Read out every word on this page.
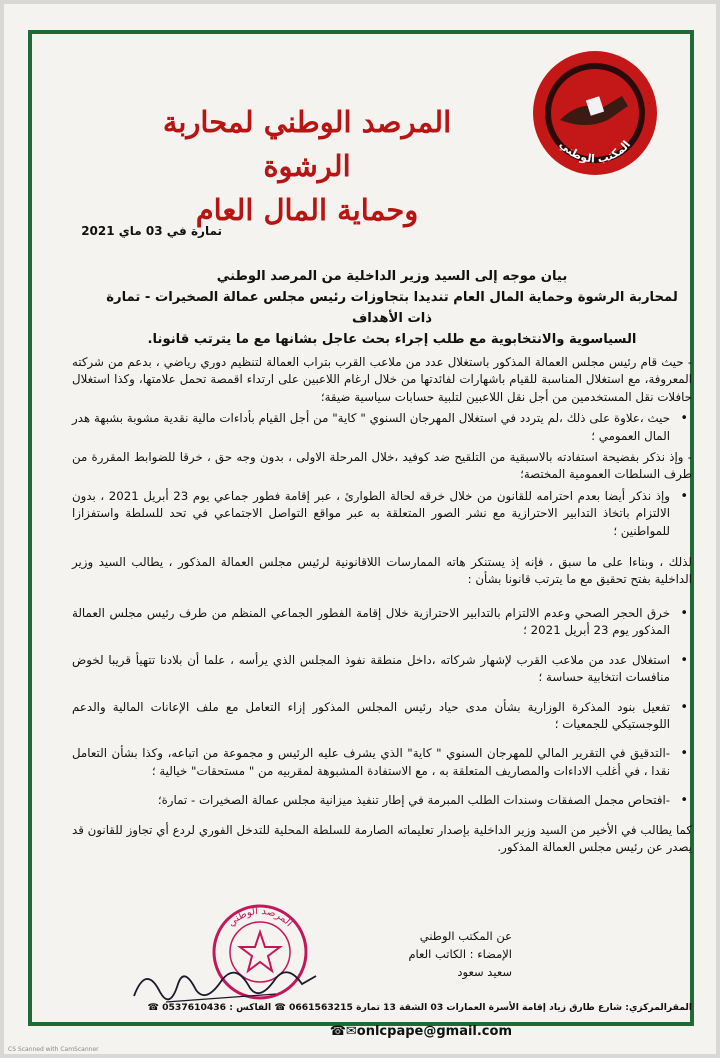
المكتب الوطني
المرصد الوطني لمحاربة الرشوة
وحماية المال العام
تمارة في 03 ماي 2021
بيان موجه إلى السيد وزير الداخلية من المرصد الوطني
لمحاربة الرشوة وحماية المال العام تنديدا بتجاوزات رئيس مجلس عمالة الصخيرات - تمارة ذات الأهداف
السياسوية والانتخابوية مع طلب إجراء بحث عاجل بشانها مع ما يترتب قانونا.

- حيث قام رئيس مجلس العمالة المذكور باستغلال عدد من ملاعب القرب بتراب العمالة لتنظيم دوري رياضي ، بدعم من شركته المعروفة، مع استغلال المناسبة للقيام باشهارات لفائدتها من خلال ارغام اللاعبين على ارتداء اقمصة تحمل علامتها، وكذا استغلال حافلات نقل المستخدمين من أجل نقل اللاعبين لتلبية حسابات سياسية ضيقة؛

• حيث ،علاوة على ذلك ،لم يتردد في استغلال المهرجان السنوي " كاية" من أجل القيام بأداءات مالية نقدية مشوبة بشبهة هدر المال العمومي ؛

- وإذ نذكر بفضيحة استفادته بالاسبقية من التلقيح ضد كوفيد ،خلال المرحلة الاولى ، بدون وجه حق ، خرقا للضوابط المقررة من طرف السلطات العمومية المختصة؛

• وإذ نذكر أيضا بعدم احترامه للقانون من خلال خرقه لحالة الطوارئ ، عبر إقامة فطور جماعي يوم 23 أبريل 2021 ، بدون الالتزام باتخاذ التدابير الاحترازية مع نشر الصور المتعلقة به عبر مواقع التواصل الاجتماعي في تحد للسلطة واستفزازا للمواطنين ؛

لذلك ، وبناءا على ما سبق ، فإنه إذ يستنكر هاته الممارسات اللاقانونية لرئيس مجلس العمالة المذكور ، يطالب السيد وزير الداخلية بفتح تحقيق مع ما يترتب قانونا بشأن :

• خرق الحجر الصحي وعدم الالتزام بالتدابير الاحترازية خلال إقامة الفطور الجماعي المنظم من طرف رئيس مجلس العمالة المذكور يوم 23 أبريل 2021 ؛
• استغلال عدد من ملاعب القرب لإشهار شركاته ،داخل منطقة نفوذ المجلس الذي يرأسه ، علما أن بلادنا تتهيأ قريبا لخوض منافسات انتخابية حساسة ؛
• تفعيل بنود المذكرة الوزارية بشأن مدى حياد رئيس المجلس المذكور إزاء التعامل مع ملف الإعانات المالية والدعم اللوجستيكي للجمعيات ؛
• -التدقيق في التقرير المالي للمهرجان السنوي " كاية" الذي يشرف عليه الرئيس و مجموعة من اتباعه، وكذا بشأن التعامل نقدا ، في أغلب الاداءات والمصاريف المتعلقة به ، مع الاستفادة المشبوهة لمقربيه من " مستحقات" خيالية ؛
• -افتحاص مجمل الصفقات وسندات الطلب المبرمة في إطار تنفيذ ميزانية مجلس عمالة الصخيرات - تمارة؛

كما يطالب في الأخير من السيد وزير الداخلية بإصدار تعليماته الصارمة للسلطة المحلية للتدخل الفوري لردع أي تجاوز للقانون قد يصدر عن رئيس مجلس العمالة المذكور.

المرصد الوطني
عن المكتب الوطني
الإمضاء : الكاتب العام
سعيد سعود
المقرالمركزي: شارع طارق زياد إقامة الأسرة العمارات 03 الشقة 13 تمارة 0661563215 ☎ الفاكس : 0537610436 ☎
☎✉onlcpape@gmail.com
CS Scanned with CamScanner
